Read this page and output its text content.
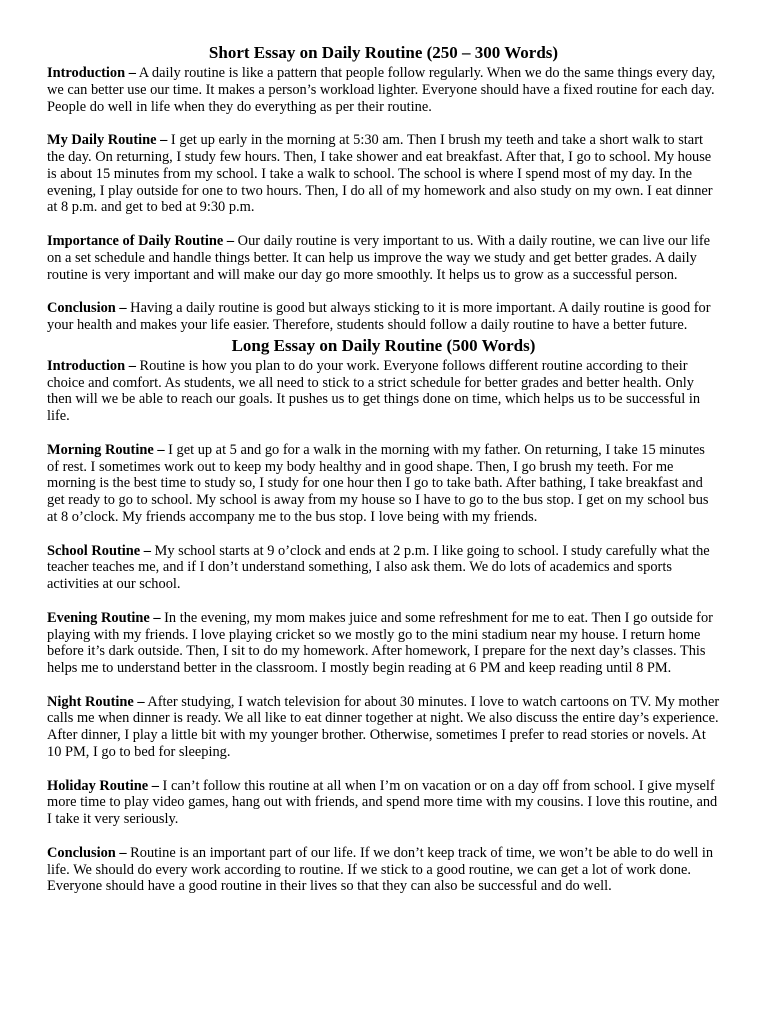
Short Essay on Daily Routine (250 – 300 Words)

Introduction – A daily routine is like a pattern that people follow regularly. When we do the same things every day, we can better use our time. It makes a person’s workload lighter. Everyone should have a fixed routine for each day. People do well in life when they do everything as per their routine.

My Daily Routine – I get up early in the morning at 5:30 am. Then I brush my teeth and take a short walk to start the day. On returning, I study few hours. Then, I take shower and eat breakfast. After that, I go to school. My house is about 15 minutes from my school. I take a walk to school. The school is where I spend most of my day. In the evening, I play outside for one to two hours. Then, I do all of my homework and also study on my own. I eat dinner at 8 p.m. and get to bed at 9:30 p.m.

Importance of Daily Routine – Our daily routine is very important to us. With a daily routine, we can live our life on a set schedule and handle things better. It can help us improve the way we study and get better grades. A daily routine is very important and will make our day go more smoothly. It helps us to grow as a successful person.

Conclusion – Having a daily routine is good but always sticking to it is more important. A daily routine is good for your health and makes your life easier. Therefore, students should follow a daily routine to have a better future.

Long Essay on Daily Routine (500 Words)

Introduction – Routine is how you plan to do your work. Everyone follows different routine according to their choice and comfort. As students, we all need to stick to a strict schedule for better grades and better health. Only then will we be able to reach our goals. It pushes us to get things done on time, which helps us to be successful in life.

Morning Routine – I get up at 5 and go for a walk in the morning with my father. On returning, I take 15 minutes of rest. I sometimes work out to keep my body healthy and in good shape. Then, I go brush my teeth. For me morning is the best time to study so, I study for one hour then I go to take bath. After bathing, I take breakfast and get ready to go to school. My school is away from my house so I have to go to the bus stop. I get on my school bus at 8 o’clock. My friends accompany me to the bus stop. I love being with my friends.

School Routine – My school starts at 9 o’clock and ends at 2 p.m. I like going to school. I study carefully what the teacher teaches me, and if I don’t understand something, I also ask them. We do lots of academics and sports activities at our school.

Evening Routine – In the evening, my mom makes juice and some refreshment for me to eat. Then I go outside for playing with my friends. I love playing cricket so we mostly go to the mini stadium near my house. I return home before it’s dark outside. Then, I sit to do my homework. After homework, I prepare for the next day’s classes. This helps me to understand better in the classroom. I mostly begin reading at 6 PM and keep reading until 8 PM.

Night Routine – After studying, I watch television for about 30 minutes. I love to watch cartoons on TV. My mother calls me when dinner is ready. We all like to eat dinner together at night. We also discuss the entire day’s experience. After dinner, I play a little bit with my younger brother. Otherwise, sometimes I prefer to read stories or novels. At 10 PM, I go to bed for sleeping.

Holiday Routine – I can’t follow this routine at all when I’m on vacation or on a day off from school. I give myself more time to play video games, hang out with friends, and spend more time with my cousins. I love this routine, and I take it very seriously.

Conclusion – Routine is an important part of our life. If we don’t keep track of time, we won’t be able to do well in life. We should do every work according to routine. If we stick to a good routine, we can get a lot of work done. Everyone should have a good routine in their lives so that they can also be successful and do well.
